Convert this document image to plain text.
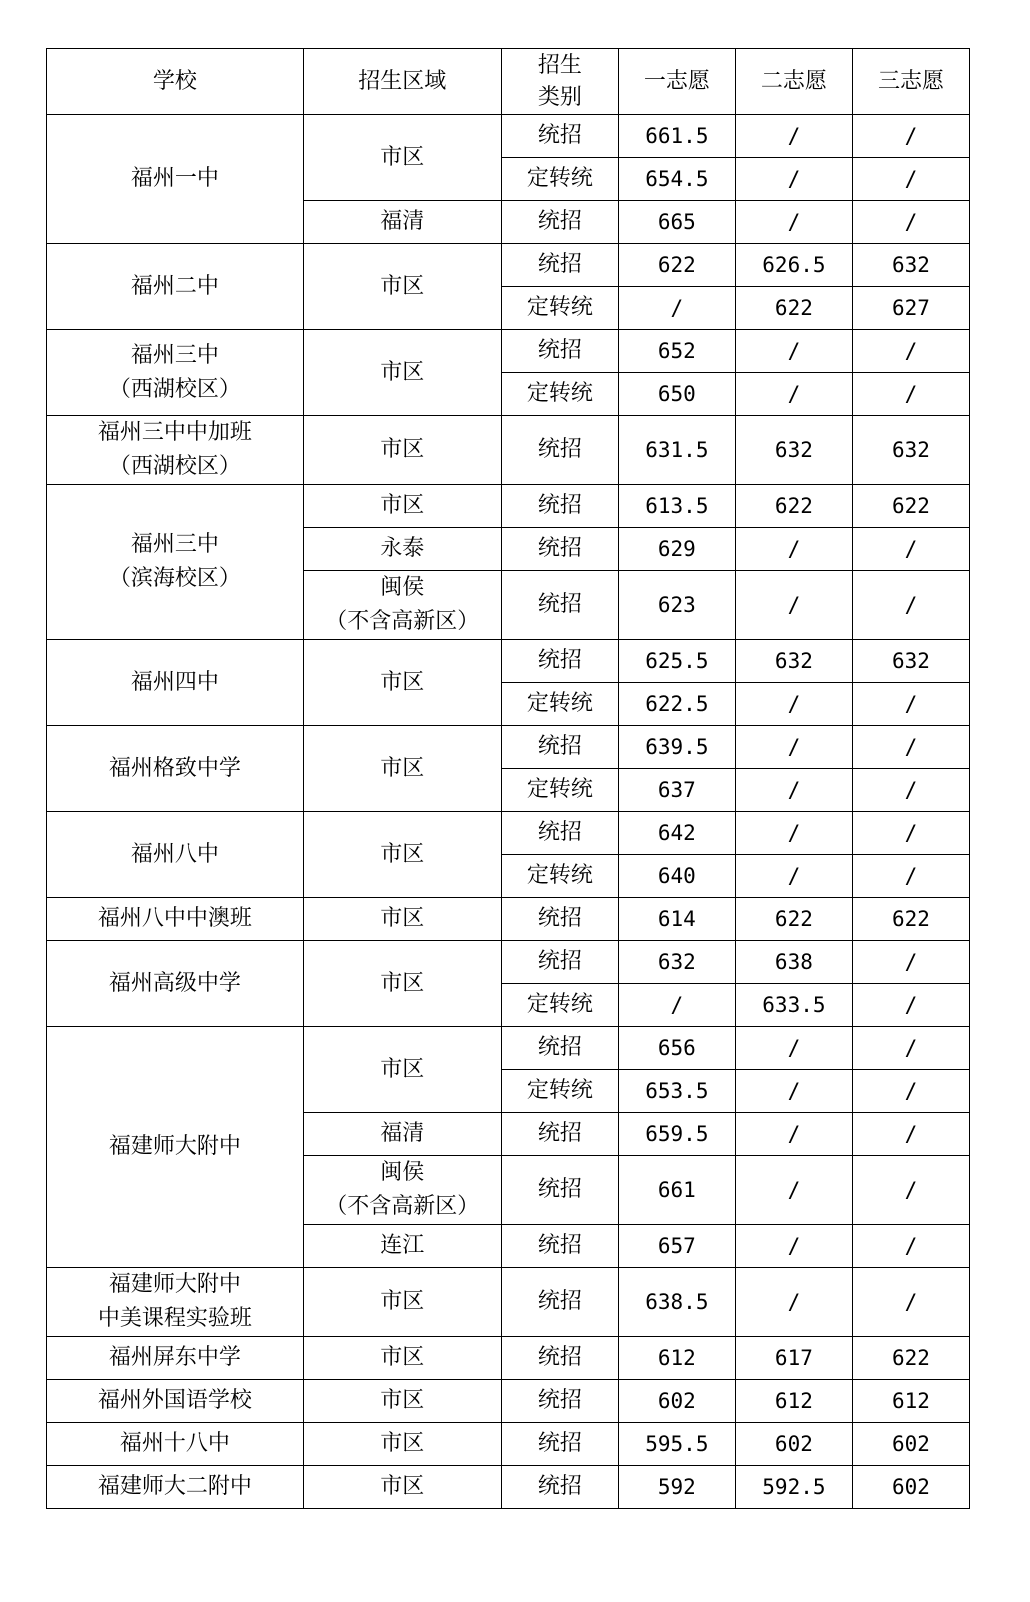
学校	招生区域	招生
类别	一志愿	二志愿	三志愿

福州一中	市区	统招	661.5	/	/
		定转统	654.5	/	/

	福清	统招	665	/	/

福州二中	市区	统招	622	626.5	632
		定转统	/	622	627

福州三中
（西湖校区）	市区	统招	652	/	/
		定转统	650	/	/

福州三中中加班
（西湖校区）	市区	统招	631.5	632	632

福州三中
（滨海校区）	市区	统招	613.5	622	622

	永泰	统招	629	/	/

	闽侯
（不含高新区）	统招	623	/	/

福州四中	市区	统招	625.5	632	632
		定转统	622.5	/	/

福州格致中学	市区	统招	639.5	/	/
		定转统	637	/	/

福州八中	市区	统招	642	/	/
		定转统	640	/	/

福州八中中澳班	市区	统招	614	622	622

福州高级中学	市区	统招	632	638	/
		定转统	/	633.5	/

福建师大附中	市区	统招	656	/	/
		定转统	653.5	/	/

	福清	统招	659.5	/	/

	闽侯
（不含高新区）	统招	661	/	/

	连江	统招	657	/	/

福建师大附中
中美课程实验班	市区	统招	638.5	/	/

福州屏东中学	市区	统招	612	617	622

福州外国语学校	市区	统招	602	612	612

福州十八中	市区	统招	595.5	602	602

福建师大二附中	市区	统招	592	592.5	602
